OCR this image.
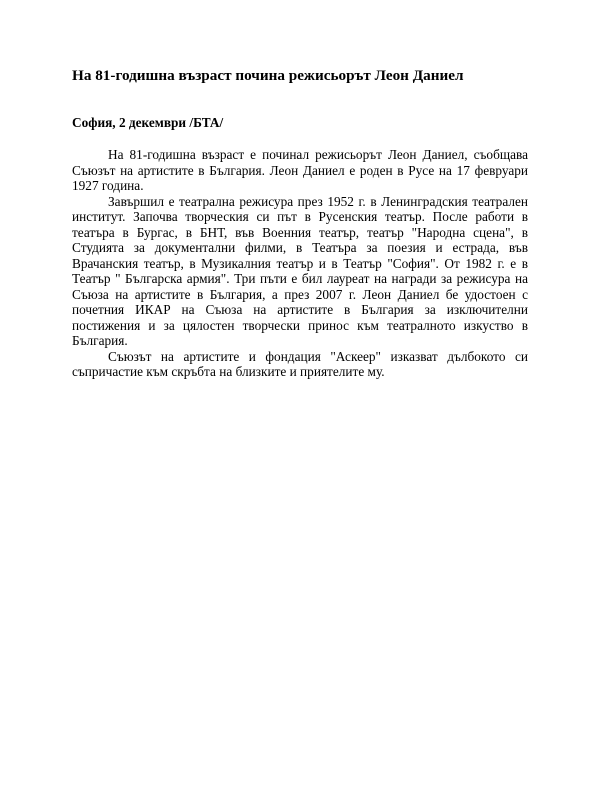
На 81-годишна възраст почина режисьорът Леон Даниел

София, 2 декември /БТА/

На 81-годишна възраст е починал режисьорът Леон Даниел, съобщава Съюзът на артистите в България. Леон Даниел е роден в Русе на 17 февруари 1927 година.

Завършил е театрална режисура през 1952 г. в Ленинградския театрален институт. Започва творческия си път в Русенския театър. После работи в театъра в Бургас, в БНТ, във Военния театър, театър "Народна сцена", в Студията за документални филми, в Театъра за поезия и естрада, във Врачанския театър, в Музикалния театър и в Театър "София". От 1982 г. е в Театър " Българска армия". Три пъти е бил лауреат на награди за режисура на Съюза на артистите в България, а през 2007 г. Леон Даниел бе удостоен с почетния ИКАР на Съюза на артистите в България за изключителни постижения и за цялостен творчески принос към театралното изкуство в България.

Съюзът на артистите и фондация "Аскеер" изказват дълбокото си съпричастие към скръбта на близките и приятелите му.
